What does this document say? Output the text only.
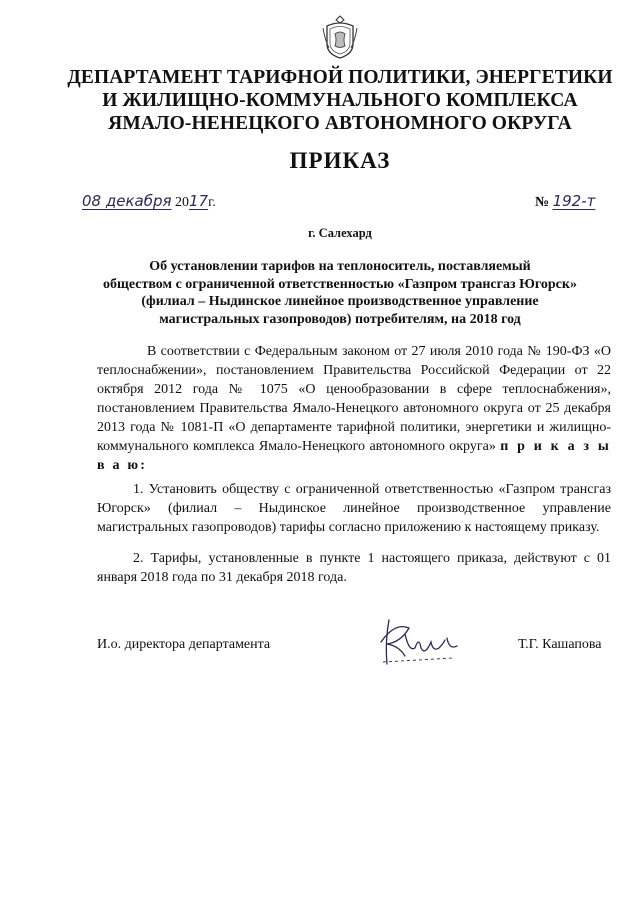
ДЕПАРТАМЕНТ ТАРИФНОЙ ПОЛИТИКИ, ЭНЕРГЕТИКИ
И ЖИЛИЩНО-КОММУНАЛЬНОГО КОМПЛЕКСА
ЯМАЛО-НЕНЕЦКОГО АВТОНОМНОГО ОКРУГА
ПРИКАЗ
08 декабря 2017г.	№ 192-т
г. Салехард
Об установлении тарифов на теплоноситель, поставляемый
обществом с ограниченной ответственностью «Газпром трансгаз Югорск»
(филиал – Ныдинское линейное производственное управление
магистральных газопроводов) потребителям, на 2018 год
В соответствии с Федеральным законом от 27 июля 2010 года № 190-ФЗ «О теплоснабжении», постановлением Правительства Российской Федерации от 22 октября 2012 года № 1075 «О ценообразовании в сфере теплоснабжения», постановлением Правительства Ямало-Ненецкого автономного округа от 25 декабря 2013 года № 1081-П «О департаменте тарифной политики, энергетики и жилищно-коммунального комплекса Ямало-Ненецкого автономного округа» п р и к а з ы в а ю:
1. Установить обществу с ограниченной ответственностью «Газпром трансгаз Югорск» (филиал – Ныдинское линейное производственное управление магистральных газопроводов) тарифы согласно приложению к настоящему приказу.
2. Тарифы, установленные в пункте 1 настоящего приказа, действуют с 01 января 2018 года по 31 декабря 2018 года.
И.о. директора департамента	Т.Г. Кашапова
